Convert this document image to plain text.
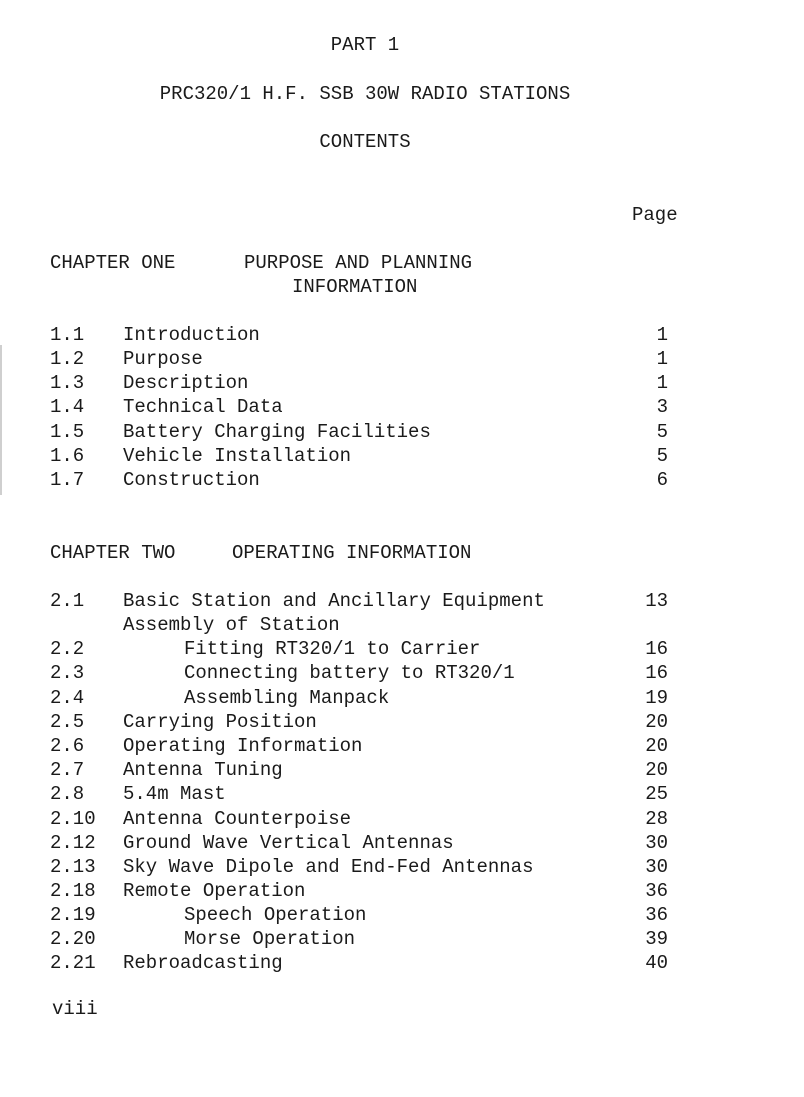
PART 1
PRC320/1 H.F. SSB 30W RADIO STATIONS
CONTENTS
Page
CHAPTER ONE	PURPOSE AND PLANNING
INFORMATION
1.1 Introduction	1
1.2 Purpose	1
1.3 Description	1
1.4 Technical Data	3
1.5 Battery Charging Facilities	5
1.6 Vehicle Installation	5
1.7 Construction	6
CHAPTER TWO	OPERATING INFORMATION
2.1 Basic Station and Ancillary Equipment	13
Assembly of Station
2.2	Fitting RT320/1 to Carrier	16
2.3	Connecting battery to RT320/1	16
2.4	Assembling Manpack	19
2.5 Carrying Position	20
2.6 Operating Information	20
2.7 Antenna Tuning	20
2.8 5.4m Mast	25
2.10 Antenna Counterpoise	28
2.12 Ground Wave Vertical Antennas	30
2.13 Sky Wave Dipole and End-Fed Antennas	30
2.18 Remote Operation	36
2.19	Speech Operation	36
2.20	Morse Operation	39
2.21 Rebroadcasting	40
viii
